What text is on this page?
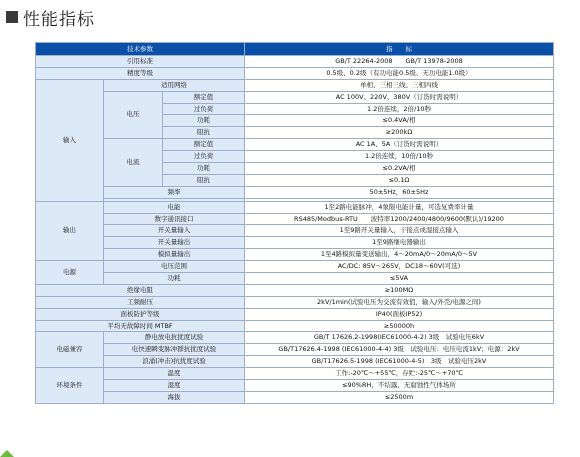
性能指标
技术参数			指　　标
引用标准			GB/T 22264-2008　　GB/T 13978-2008
精度等级			0.5级、0.2级（有功电能0.5级、无功电能1.0级）
输入	适用网络		单相、三相三线、三相四线
	电压	额定值	AC 100V、220V、380V（订货时需说明）
		过负荷	1.2倍连续，2倍/10秒
		功耗	≤0.4VA/相
		阻抗	≥200kΩ
	电流	额定值	AC 1A、5A（订货时需说明）
		过负荷	1.2倍连续，10倍/10秒
		功耗	≤0.2VA/相
		阻抗	≤0.1Ω
	频率		50±5Hz，60±5Hz

输出	电能		1至2路电能脉冲，4象限电能计量，可选复费率计量
	数字通讯接口		RS485/Modbus-RTU　　波特率1200/2400/4800/9600(默认)/19200
	开关量输入		1至9路开关量输入，干接点或湿接点输入
	开关量输出		1至9路继电器输出
	模拟量输出		1至4路模拟量变送输出，4～20mA/0～20mA/0～5V
电源	电压范围		AC/DC: 85V～265V，DC18～60V(可选)
	功耗		≤5VA
绝缘电阻			≥100MΩ
工频耐压			2kV/1min(试验电压为交流有效值，输入/外壳/电源之间)
面板防护等级			IP40(面板IP52)
平均无故障时间 MTBF			≥50000h
电磁兼容	静电放电抗扰度试验		GB/T 17626.2-1998(IEC61000-4-2) 3级　试验电压6kV
	电快速瞬变脉冲群抗扰度试验		GB/T17626.4-1998 (IEC61000-4-4) 3级　试验电压：电压电流1kV；电源：2kV
	浪涌(冲击)抗扰度试验		GB/T17626.5-1998 (IEC61000-4-5)　3级　试验电压2kV
环境条件	温度		工作:-20℃～+55℃，存贮:-25℃～+70℃
	湿度		≤90%RH，不结露，无腐蚀性气体场所
	海拔		≤2500m
